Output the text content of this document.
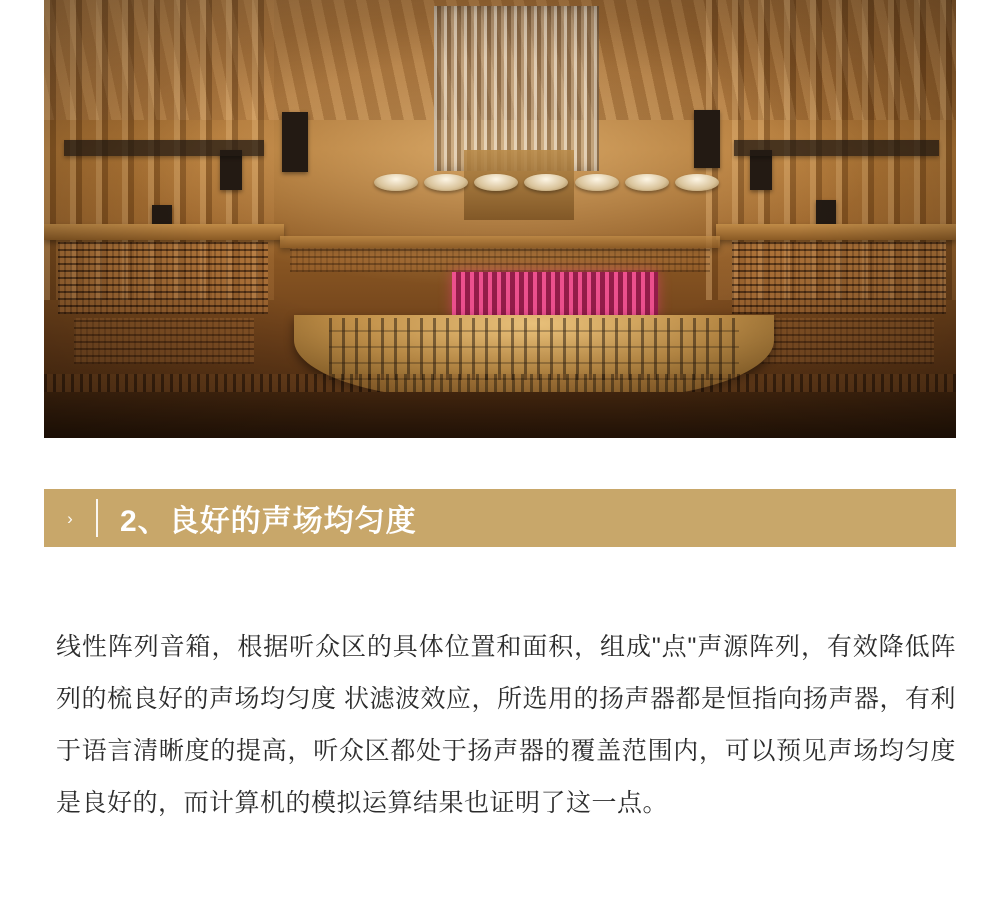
›	2、良好的声场均匀度

线性阵列音箱，根据听众区的具体位置和面积，组成"点"声源阵列，有效降低阵列的梳良好的声场均匀度 状滤波效应，所选用的扬声器都是恒指向扬声器，有利于语言清晰度的提高，听众区都处于扬声器的覆盖范围内，可以预见声场均匀度是良好的，而计算机的模拟运算结果也证明了这一点。
